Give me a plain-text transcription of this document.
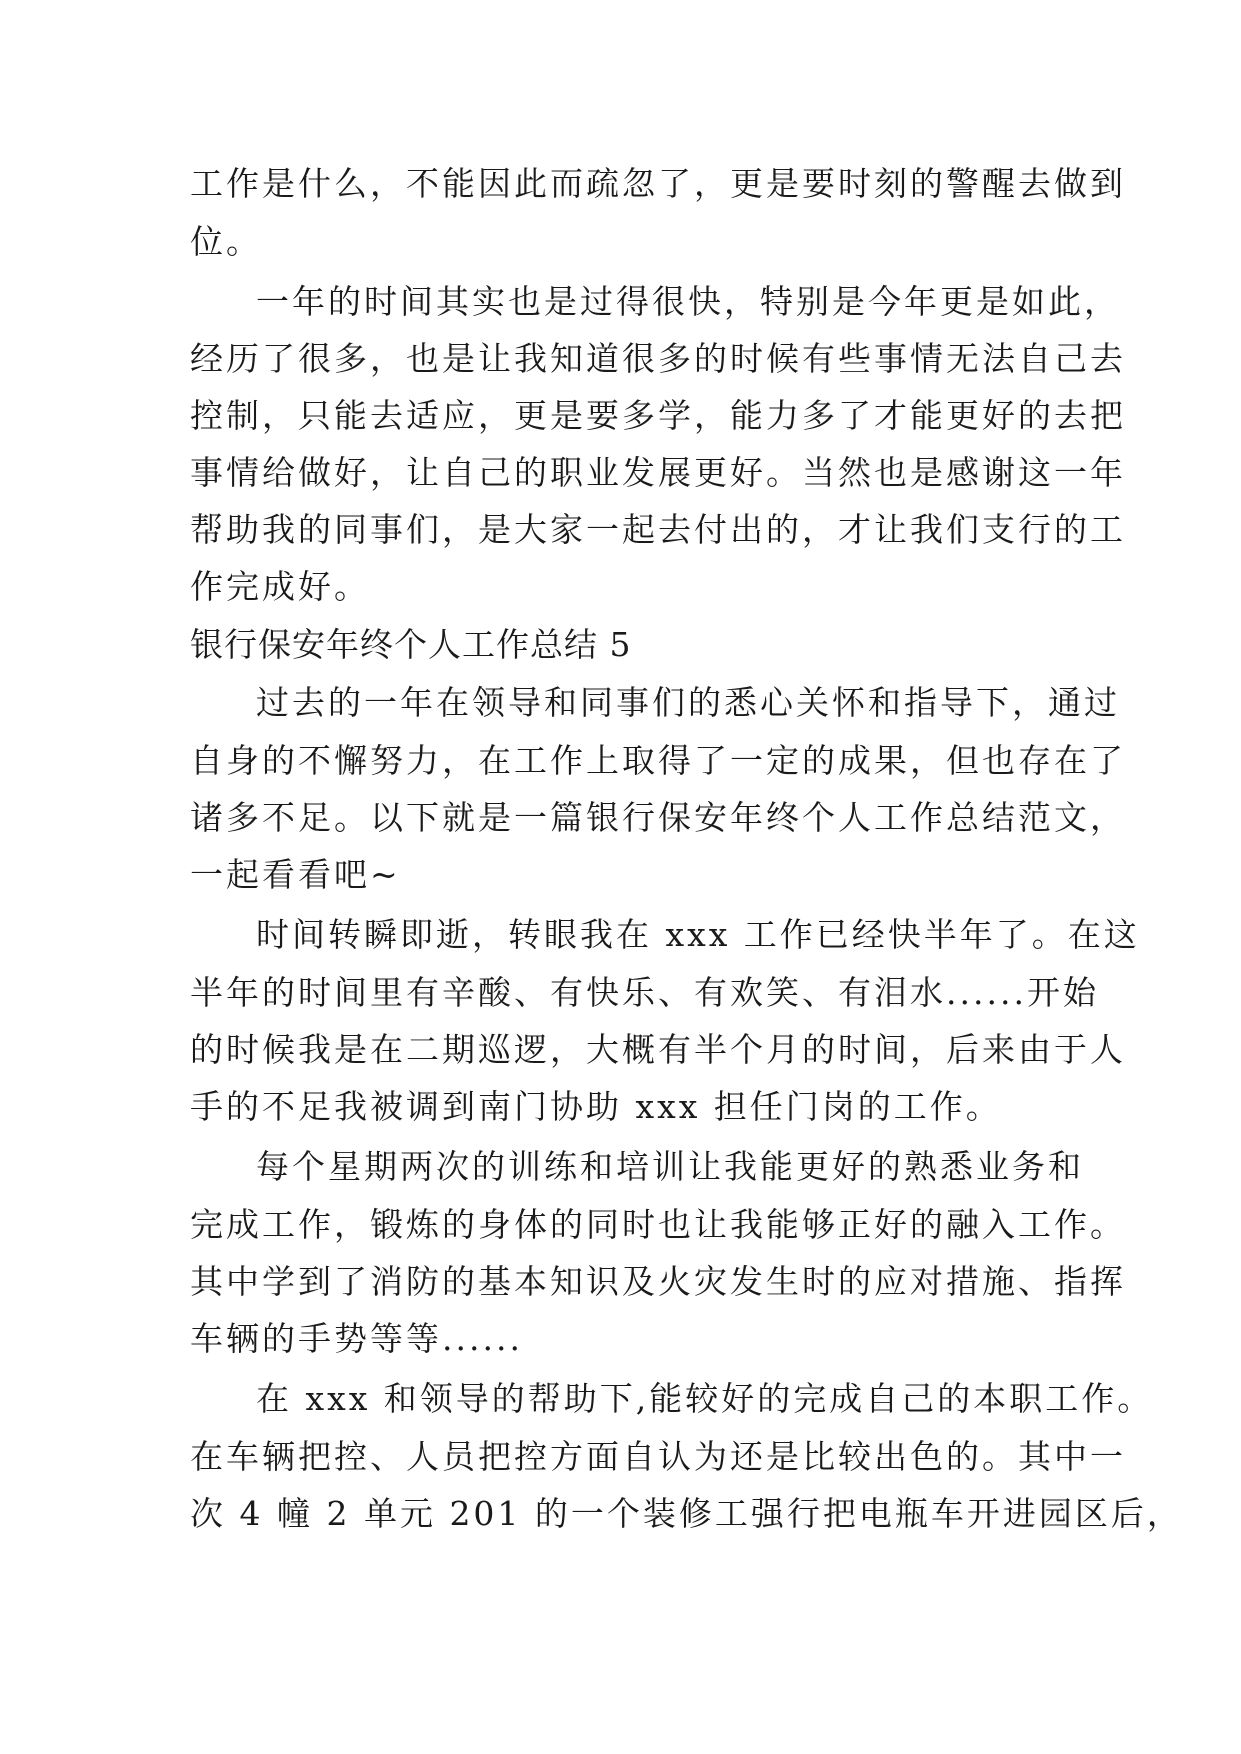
工作是什么，不能因此而疏忽了，更是要时刻的警醒去做到
位。
一年的时间其实也是过得很快，特别是今年更是如此，
经历了很多，也是让我知道很多的时候有些事情无法自己去
控制，只能去适应，更是要多学，能力多了才能更好的去把
事情给做好，让自己的职业发展更好。当然也是感谢这一年
帮助我的同事们，是大家一起去付出的，才让我们支行的工
作完成好。
银行保安年终个人工作总结 5
过去的一年在领导和同事们的悉心关怀和指导下，通过
自身的不懈努力，在工作上取得了一定的成果，但也存在了
诸多不足。以下就是一篇银行保安年终个人工作总结范文，
一起看看吧~
时间转瞬即逝，转眼我在 xxx 工作已经快半年了。在这
半年的时间里有辛酸、有快乐、有欢笑、有泪水......开始
的时候我是在二期巡逻，大概有半个月的时间，后来由于人
手的不足我被调到南门协助 xxx 担任门岗的工作。
每个星期两次的训练和培训让我能更好的熟悉业务和
完成工作，锻炼的身体的同时也让我能够正好的融入工作。
其中学到了消防的基本知识及火灾发生时的应对措施、指挥
车辆的手势等等......
在 xxx 和领导的帮助下,能较好的完成自己的本职工作。
在车辆把控、人员把控方面自认为还是比较出色的。其中一
次 4 幢 2 单元 201 的一个装修工强行把电瓶车开进园区后，
